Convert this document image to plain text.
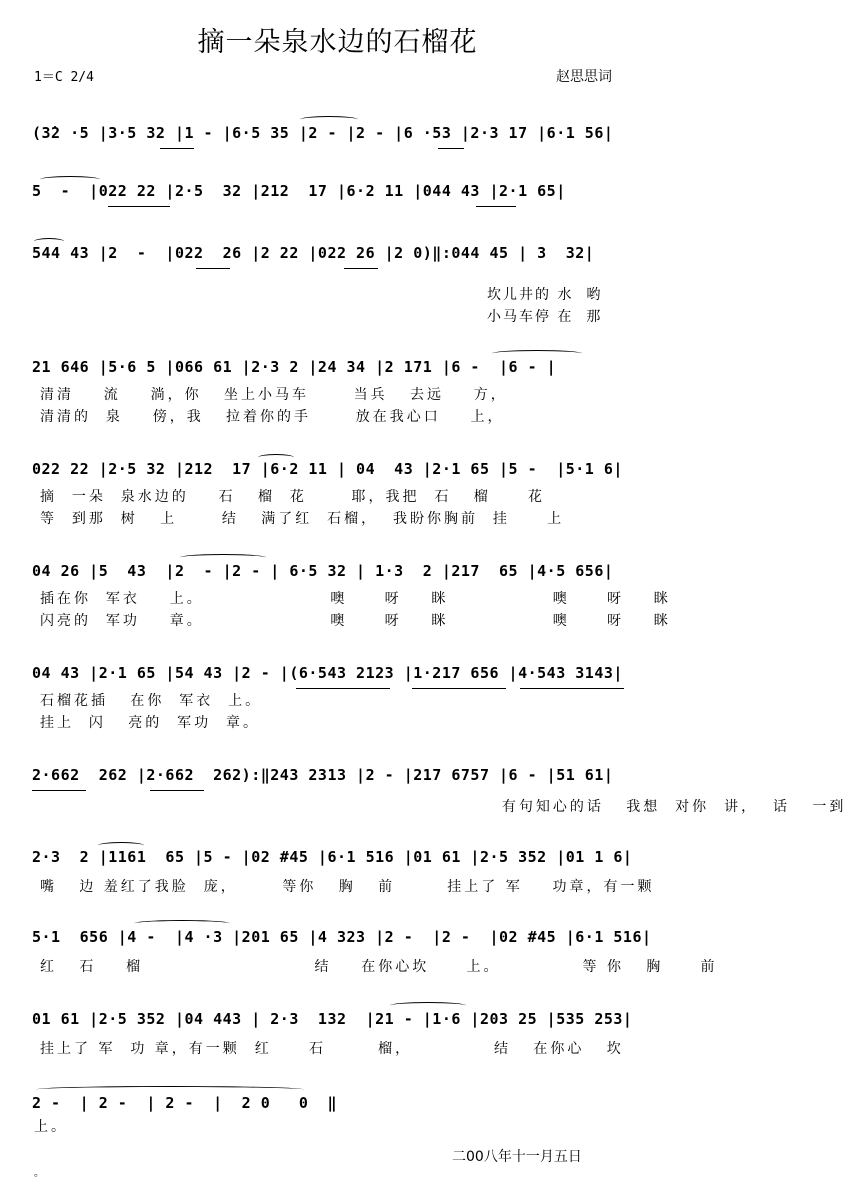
摘一朵泉水边的石榴花
1＝C 2/4	赵思思词
(3̇2 ·5 |3·5 32 |1 - |6·5 35 |2 - |2 - |6 ·53 |2·3 17 |6·1 56|
5  -  |022 22 |2·5  32 |212  17 |6·2 11 |044 43 |2·1 65|
544 43 |2  -  |022  26 |2 22 |022 26 |2 0)‖:044 45 | 3  32|
坎儿井的 水  哟
小马车停 在  那
21 646 |5·6 5 |066 61 |2·3 2 |24 34 |2 171 |6 -  |6 - |
清清    流    淌，你   坐上小马车      当兵   去远    方，
清清的  泉    傍，我   拉着你的手      放在我心口    上，
022 22 |2·5 32 |212  17 |6·2 11 | 04  43 |2·1 65 |5 -  |5·1 6|
摘  一朵  泉水边的    石   榴  花      耶，我把  石   榴     花
等  到那  树   上      结   满了红  石榴，  我盼你胸前  挂     上
04 26 |5  43  |2  - |2 - | 6·5 32 | 1·3  2 |217  65 |4·5 656|
插在你  军衣    上。                 噢     呀    眯              噢     呀    眯
闪亮的  军功    章。                 噢     呀    眯              噢     呀    眯
04 43 |2·1 65 |54 43 |2 - |(6·543 2123 |1·217 656 |4·543 3143|
石榴花插   在你  军衣  上。
挂上  闪   亮的  军功  章。
2·662  262 |2·662  262):‖243 2313 |2 - |217 6757 |6 - |51 61|
有句知心的话   我想  对你  讲，  话   一到
2·3  2 |1161  65 |5 - |02 #45 |6·1 516 |01 61 |2·5 352 |01 1 6|
嘴   边 羞红了我脸  庞，      等你   胸   前       挂上了 军    功章，有一颗
5·1  656 |4 -  |4 ·3 |201 65 |4 323 |2 -  |2 -  |02 #45 |6·1 516|
红   石    榴                       结    在你心坎     上。           等 你   胸     前
01 61 |2·5 352 |04 443 | 2·3  132  |21 - |1·6 |203 25 |535 253|
挂上了 军  功 章，有一颗  红     石       榴，           结   在你心   坎
2 -  | 2 -  | 2 -  |  2 0   0  ‖
上。
二00八年十一月五日
。
